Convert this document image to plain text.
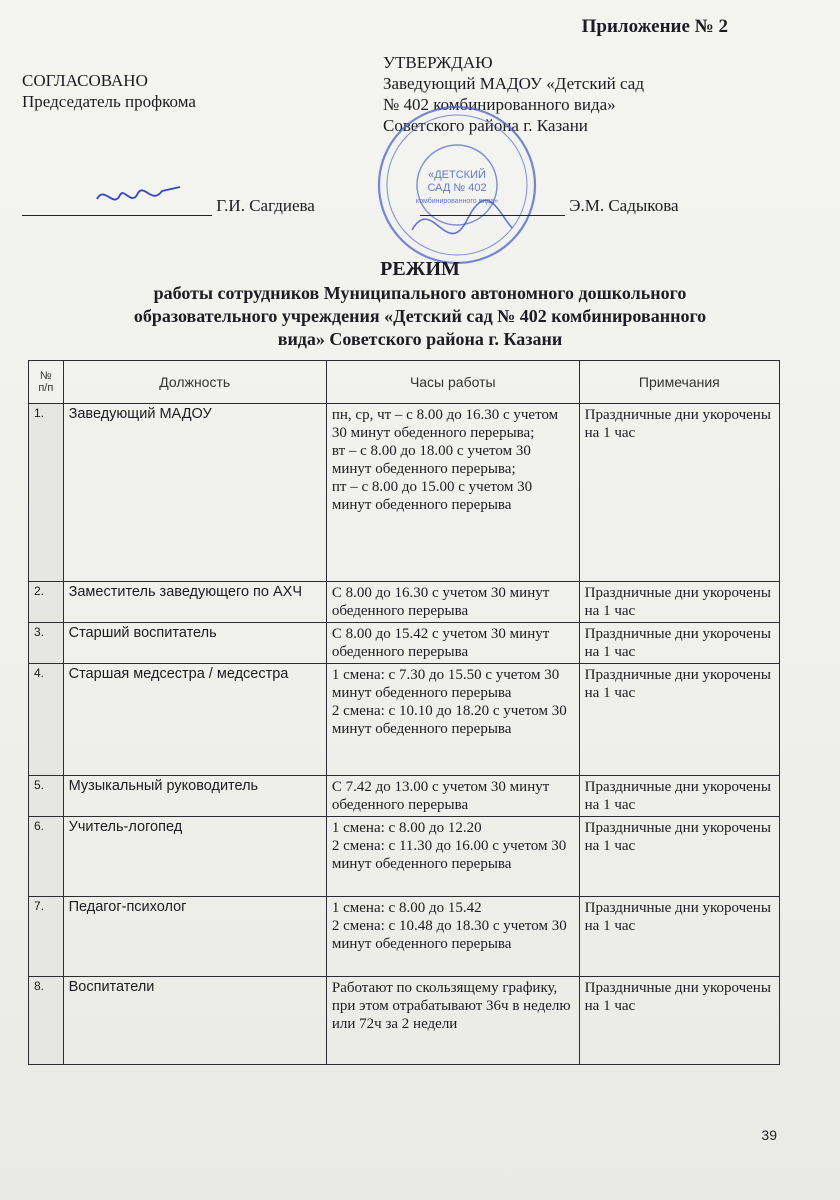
Приложение № 2
СОГЛАСОВАНО
Председатель профкома
УТВЕРЖДАЮ
Заведующий МАДОУ «Детский сад
№ 402 комбинированного вида»
Советского района г. Казани
«ДЕТСКИЙ
САД № 402
комбинированного вида»
Г.И. Сагдиева	Э.М. Садыкова
РЕЖИМ
работы сотрудников Муниципального автономного дошкольного
образовательного учреждения «Детский сад № 402 комбинированного
вида» Советского района г. Казани
№ п/п	Должность	Часы работы	Примечания
1.	Заведующий МАДОУ	пн, ср, чт – с 8.00 до 16.30 с учетом 30 минут обеденного перерыва;
вт – с 8.00 до 18.00 с учетом 30 минут обеденного перерыва;
пт – с 8.00 до 15.00 с учетом 30 минут обеденного перерыва	Праздничные дни укорочены на 1 час
2.	Заместитель заведующего по АХЧ	С 8.00 до 16.30 с учетом 30 минут обеденного перерыва	Праздничные дни укорочены на 1 час
3.	Старший воспитатель	С 8.00 до 15.42 с учетом 30 минут обеденного перерыва	Праздничные дни укорочены на 1 час
4.	Старшая медсестра / медсестра	1 смена: с 7.30 до 15.50 с учетом 30 минут обеденного перерыва
2 смена: с 10.10 до 18.20 с учетом 30 минут обеденного перерыва	Праздничные дни укорочены на 1 час
5.	Музыкальный руководитель	С 7.42 до 13.00 с учетом 30 минут обеденного перерыва	Праздничные дни укорочены на 1 час
6.	Учитель-логопед	1 смена: с 8.00 до 12.20
2 смена: с 11.30 до 16.00 с учетом 30 минут обеденного перерыва	Праздничные дни укорочены на 1 час
7.	Педагог-психолог	1 смена: с 8.00 до 15.42
2 смена: с 10.48 до 18.30 с учетом 30 минут обеденного перерыва	Праздничные дни укорочены на 1 час
8.	Воспитатели	Работают по скользящему графику, при этом отрабатывают 36ч в неделю или 72ч за 2 недели	Праздничные дни укорочены на 1 час
39
